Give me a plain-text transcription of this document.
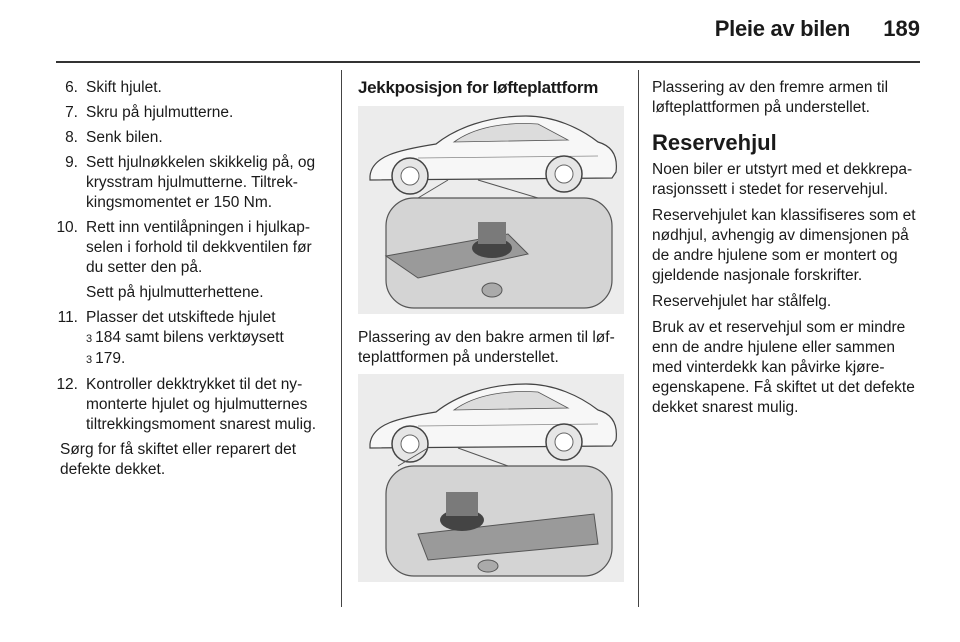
Pleie av bilen	189
6. Skift hjulet.
7. Skru på hjulmutterne.
8. Senk bilen.
9. Sett hjulnøkkelen skikkelig på, og krysstram hjulmutterne. Tiltrekkingsmomentet er 150 Nm.
10. Rett inn ventilåpningen i hjulkapselen i forhold til dekkventilen før du setter den på.
Sett på hjulmutterhettene.
11. Plasser det utskiftede hjulet
3 184 samt bilens verktøysett
3 179.
12. Kontroller dekktrykket til det nymonterte hjulet og hjulmutternes tiltrekkingsmoment snarest mulig.

Sørg for få skiftet eller reparert det defekte dekket.

Jekkposisjon for løfteplattform

Plassering av den bakre armen til løfteplattformen på understellet.

Plassering av den fremre armen til løfteplattformen på understellet.

Reservehjul

Noen biler er utstyrt med et dekkreparasjonssett i stedet for reservehjul.

Reservehjulet kan klassifiseres som et nødhjul, avhengig av dimensjonen på de andre hjulene som er montert og gjeldende nasjonale forskrifter.

Reservehjulet har stålfelg.

Bruk av et reservehjul som er mindre enn de andre hjulene eller sammen med vinterdekk kan påvirke kjøreegenskapene. Få skiftet ut det defekte dekket snarest mulig.
